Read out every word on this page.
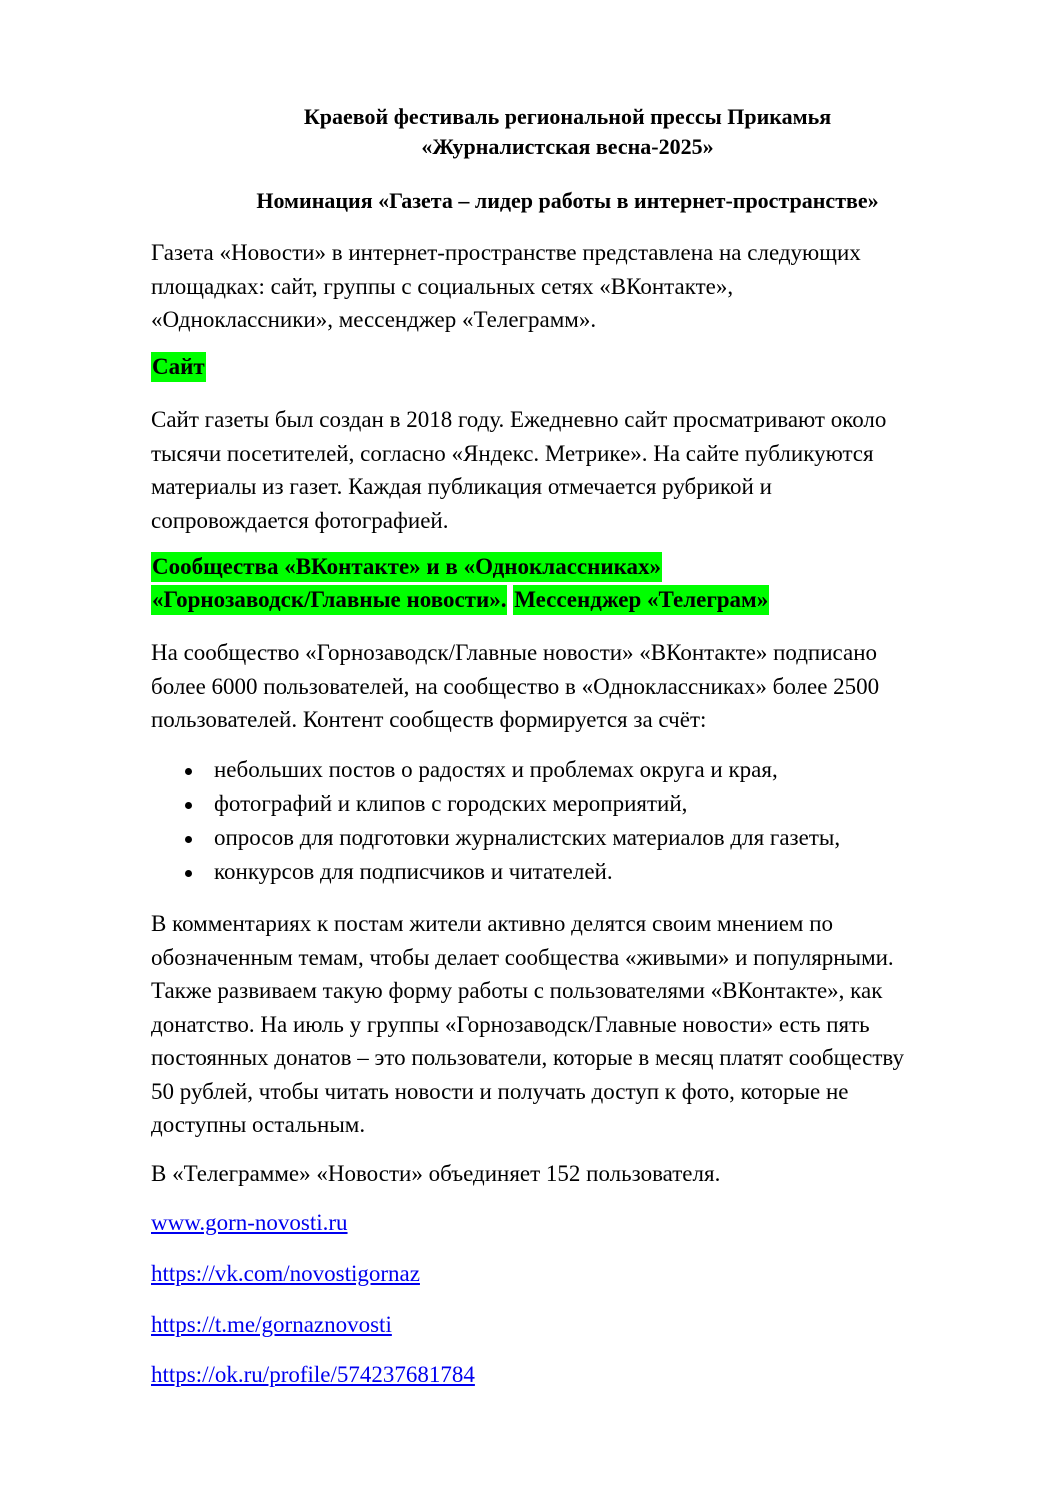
Краевой фестиваль региональной прессы Прикамья
«Журналистская весна-2025»
Номинация «Газета – лидер работы в интернет-пространстве»

Газета «Новости» в интернет-пространстве представлена на следующих
площадках: сайт, группы с социальных сетях «ВКонтакте»,
«Одноклассники», мессенджер «Телеграмм».

Сайт

Сайт газеты был создан в 2018 году. Ежедневно сайт просматривают около
тысячи посетителей, согласно «Яндекс. Метрике». На сайте публикуются
материалы из газет. Каждая публикация отмечается рубрикой и
сопровождается фотографией.

Сообщества «ВКонтакте» и в «Одноклассниках»
«Горнозаводск/Главные новости». Мессенджер «Телеграм»

На сообщество «Горнозаводск/Главные новости» «ВКонтакте» подписано
более 6000 пользователей, на сообщество в «Одноклассниках» более 2500
пользователей. Контент сообществ формируется за счёт:

небольших постов о радостях и проблемах округа и края,
фотографий и клипов с городских мероприятий,
опросов для подготовки журналистских материалов для газеты,
конкурсов для подписчиков и читателей.

В комментариях к постам жители активно делятся своим мнением по
обозначенным темам, чтобы делает сообщества «живыми» и популярными.
Также развиваем такую форму работы с пользователями «ВКонтакте», как
донатство. На июль у группы «Горнозаводск/Главные новости» есть пять
постоянных донатов – это пользователи, которые в месяц платят сообществу
50 рублей, чтобы читать новости и получать доступ к фото, которые не
доступны остальным.

В «Телеграмме» «Новости» объединяет 152 пользователя.

www.gorn-novosti.ru
https://vk.com/novostigornaz
https://t.me/gornaznovosti
https://ok.ru/profile/574237681784
